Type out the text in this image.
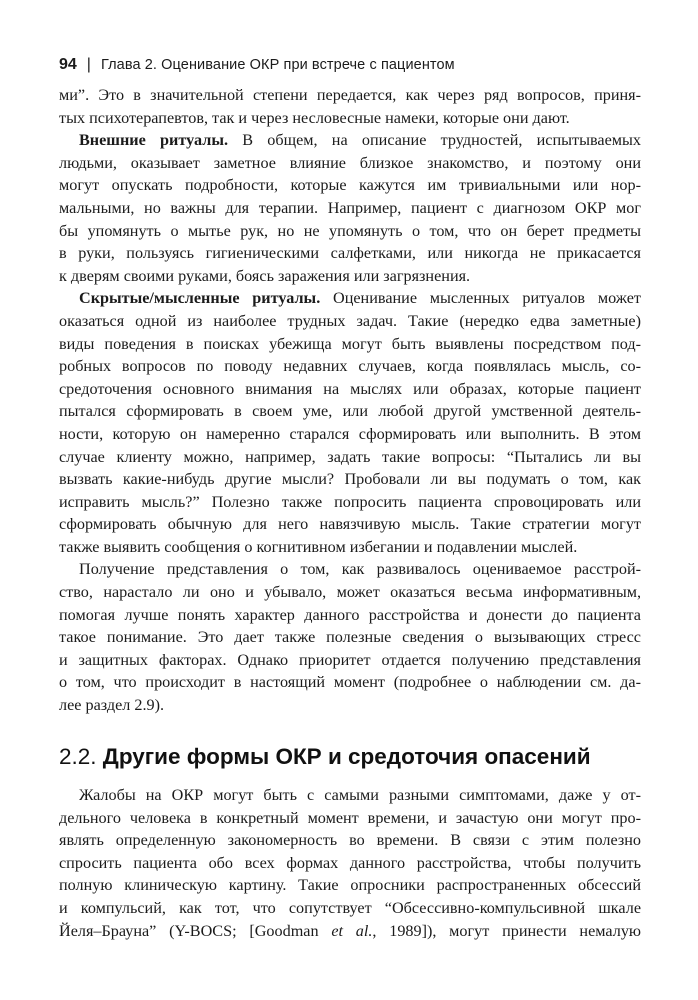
94 | Глава 2. Оценивание ОКР при встрече с пациентом
ми”. Это в значительной степени передается, как через ряд вопросов, приня-
тых психотерапевтов, так и через несловесные намеки, которые они дают.
Внешние ритуалы. В общем, на описание трудностей, испытываемых
людьми, оказывает заметное влияние близкое знакомство, и поэтому они
могут опускать подробности, которые кажутся им тривиальными или нор-
мальными, но важны для терапии. Например, пациент с диагнозом ОКР мог
бы упомянуть о мытье рук, но не упомянуть о том, что он берет предметы
в руки, пользуясь гигиеническими салфетками, или никогда не прикасается
к дверям своими руками, боясь заражения или загрязнения.
Скрытые/мысленные ритуалы. Оценивание мысленных ритуалов может
оказаться одной из наиболее трудных задач. Такие (нередко едва заметные)
виды поведения в поисках убежища могут быть выявлены посредством под-
робных вопросов по поводу недавних случаев, когда появлялась мысль, со-
средоточения основного внимания на мыслях или образах, которые пациент
пытался сформировать в своем уме, или любой другой умственной деятель-
ности, которую он намеренно старался сформировать или выполнить. В этом
случае клиенту можно, например, задать такие вопросы: “Пытались ли вы
вызвать какие-нибудь другие мысли? Пробовали ли вы подумать о том, как
исправить мысль?” Полезно также попросить пациента спровоцировать или
сформировать обычную для него навязчивую мысль. Такие стратегии могут
также выявить сообщения о когнитивном избегании и подавлении мыслей.
Получение представления о том, как развивалось оцениваемое расстрой-
ство, нарастало ли оно и убывало, может оказаться весьма информативным,
помогая лучше понять характер данного расстройства и донести до пациента
такое понимание. Это дает также полезные сведения о вызывающих стресс
и защитных факторах. Однако приоритет отдается получению представления
о том, что происходит в настоящий момент (подробнее о наблюдении см. да-
лее раздел 2.9).
2.2. Другие формы ОКР и средоточия опасений
Жалобы на ОКР могут быть с самыми разными симптомами, даже у от-
дельного человека в конкретный момент времени, и зачастую они могут про-
являть определенную закономерность во времени. В связи с этим полезно
спросить пациента обо всех формах данного расстройства, чтобы получить
полную клиническую картину. Такие опросники распространенных обсессий
и компульсий, как тот, что сопутствует “Обсессивно-компульсивной шкале
Йеля–Брауна” (Y-BOCS; [Goodman et al., 1989]), могут принести немалую
